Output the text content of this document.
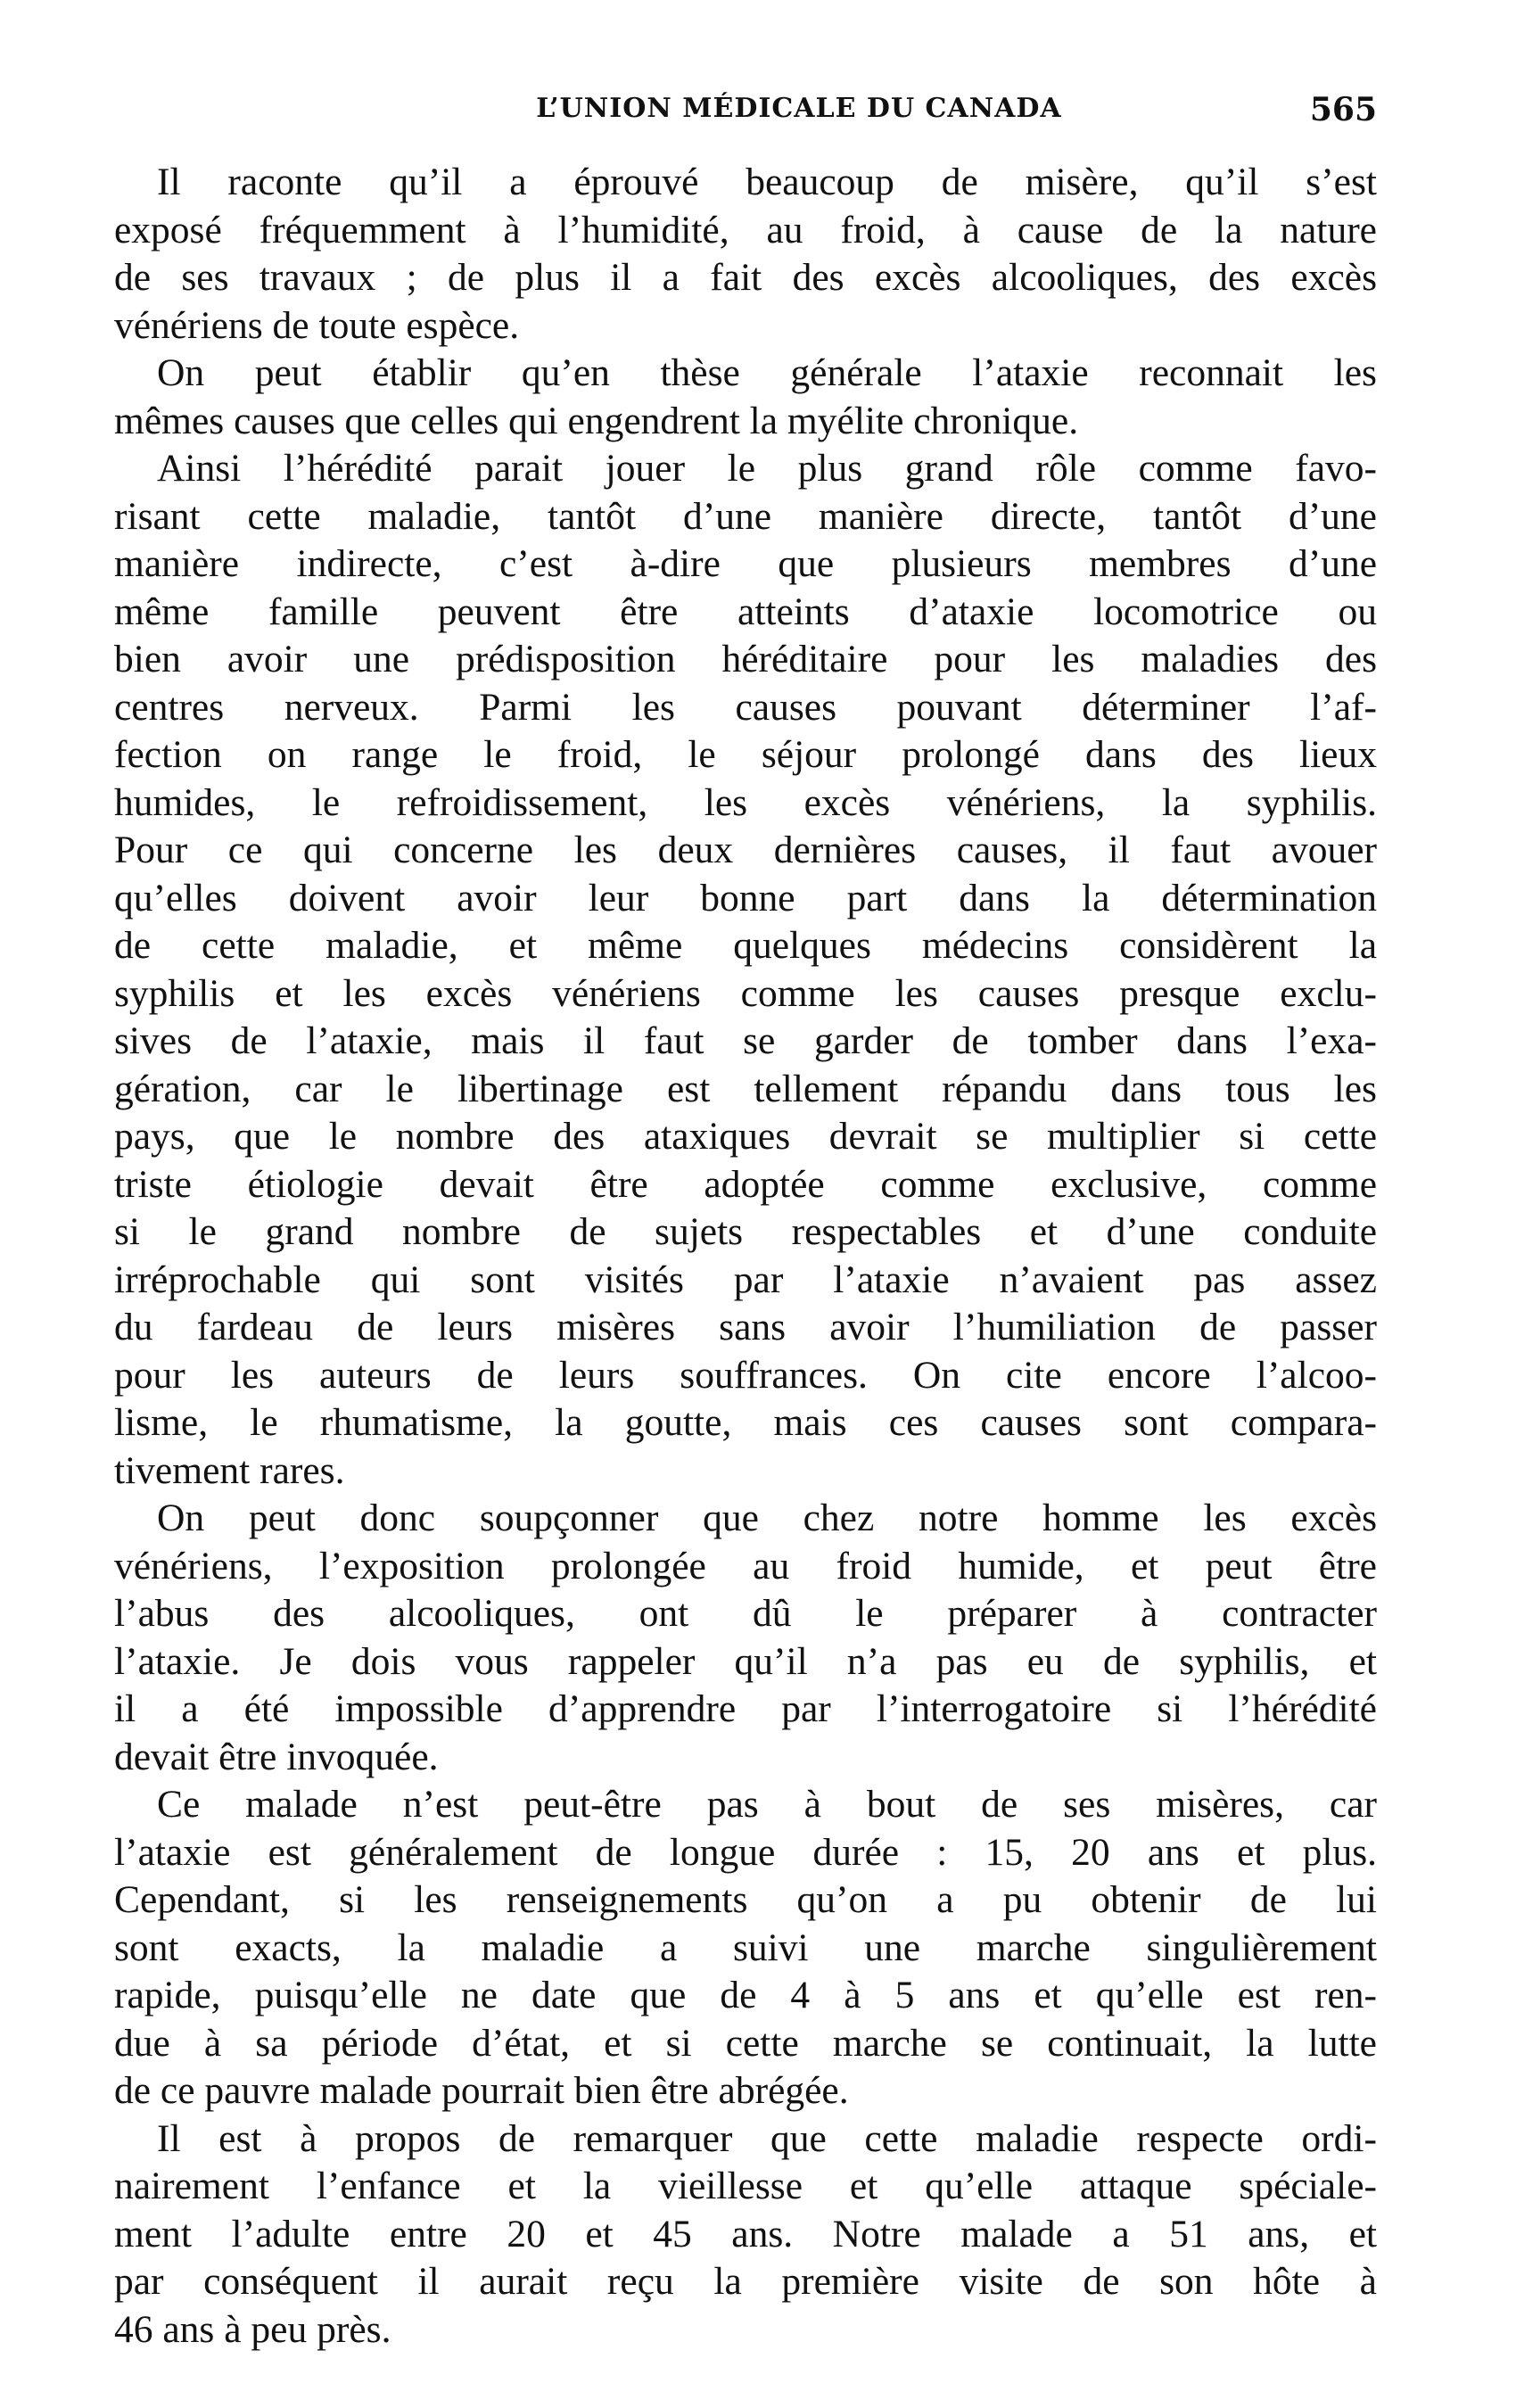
L’UNION MÉDICALE DU CANADA	565

Il raconte qu’il a éprouvé beaucoup de misère, qu’il s’est
exposé fréquemment à l’humidité, au froid, à cause de la nature
de ses travaux ; de plus il a fait des excès alcooliques, des excès
vénériens de toute espèce.

On peut établir qu’en thèse générale l’ataxie reconnait les
mêmes causes que celles qui engendrent la myélite chronique.

Ainsi l’hérédité parait jouer le plus grand rôle comme favo-
risant cette maladie, tantôt d’une manière directe, tantôt d’une
manière indirecte, c’est à-dire que plusieurs membres d’une
même famille peuvent être atteints d’ataxie locomotrice ou
bien avoir une prédisposition héréditaire pour les maladies des
centres nerveux. Parmi les causes pouvant déterminer l’af-
fection on range le froid, le séjour prolongé dans des lieux
humides, le refroidissement, les excès vénériens, la syphilis.
Pour ce qui concerne les deux dernières causes, il faut avouer
qu’elles doivent avoir leur bonne part dans la détermination
de cette maladie, et même quelques médecins considèrent la
syphilis et les excès vénériens comme les causes presque exclu-
sives de l’ataxie, mais il faut se garder de tomber dans l’exa-
gération, car le libertinage est tellement répandu dans tous les
pays, que le nombre des ataxiques devrait se multiplier si cette
triste étiologie devait être adoptée comme exclusive, comme
si le grand nombre de sujets respectables et d’une conduite
irréprochable qui sont visités par l’ataxie n’avaient pas assez
du fardeau de leurs misères sans avoir l’humiliation de passer
pour les auteurs de leurs souffrances. On cite encore l’alcoo-
lisme, le rhumatisme, la goutte, mais ces causes sont compara-
tivement rares.

On peut donc soupçonner que chez notre homme les excès
vénériens, l’exposition prolongée au froid humide, et peut être
l’abus des alcooliques, ont dû le préparer à contracter
l’ataxie. Je dois vous rappeler qu’il n’a pas eu de syphilis, et
il a été impossible d’apprendre par l’interrogatoire si l’hérédité
devait être invoquée.

Ce malade n’est peut-être pas à bout de ses misères, car
l’ataxie est généralement de longue durée : 15, 20 ans et plus.
Cependant, si les renseignements qu’on a pu obtenir de lui
sont exacts, la maladie a suivi une marche singulièrement
rapide, puisqu’elle ne date que de 4 à 5 ans et qu’elle est ren-
due à sa période d’état, et si cette marche se continuait, la lutte
de ce pauvre malade pourrait bien être abrégée.

Il est à propos de remarquer que cette maladie respecte ordi-
nairement l’enfance et la vieillesse et qu’elle attaque spéciale-
ment l’adulte entre 20 et 45 ans. Notre malade a 51 ans, et
par conséquent il aurait reçu la première visite de son hôte à
46 ans à peu près.
